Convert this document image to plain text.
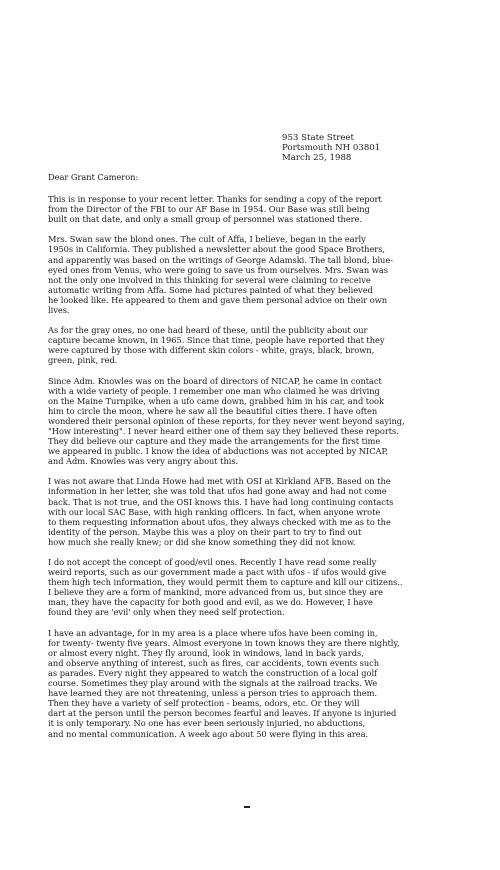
953 State Street
Portsmouth NH 03801
March 25, 1988
Dear Grant Cameron:
This is in response to your recent letter. Thanks for sending a copy of the report
from the Director of the FBI to our AF Base in 1954. Our Base was still being
built on that date, and only a small group of personnel was stationed there.
Mrs. Swan saw the blond ones. The cult of Affa, I believe, began in the early
1950s in California. They published a newsletter about the good Space Brothers,
and apparently was based on the writings of George Adamski. The tall blond, blue-
eyed ones from Venus, who were going to save us from ourselves. Mrs. Swan was
not the only one involved in this thinking for several were claiming to receive
automatic writing from Affa. Some had pictures painted of what they believed
he looked like. He appeared to them and gave them personal advice on their own
lives.
As for the gray ones, no one had heard of these, until the publicity about our
capture became known, in 1965. Since that time, people have reported that they
were captured by those with different skin colors - white, grays, black, brown,
green, pink, red.
Since Adm. Knowles was on the board of directors of NICAP, he came in contact
with a wide variety of people. I remember one man who claimed he was driving
on the Maine Turnpike, when a ufo came down, grabbed him in his car, and took
him to circle the moon, where he saw all the beautiful cities there. I have often
wondered their personal opinion of these reports, for they never went beyond saying,
"How interesting". I never heard either one of them say they believed these reports.
They did believe our capture and they made the arrangements for the first time
we appeared in public. I know the idea of abductions was not accepted by NICAP,
and Adm. Knowles was very angry about this.
I was not aware that Linda Howe had met with OSI at Kirkland AFB. Based on the
information in her letter, she was told that ufos had gone away and had not come
back. That is not true, and the OSI knows this. I have had long continuing contacts
with our local SAC Base, with high ranking officers. In fact, when anyone wrote
to them requesting information about ufos, they always checked with me as to the
identity of the person. Maybe this was a ploy on their part to try to find out
how much she really knew; or did she know something they did not know.
I do not accept the concept of good/evil ones. Recently I have read some really
weird reports, such as our government made a pact with ufos - if ufos would give
them high tech information, they would permit them to capture and kill our citizens..
I believe they are a form of mankind, more advanced from us, but since they are
man, they have the capacity for both good and evil, as we do. However, I have
found they are 'evil' only when they need self protection.
I have an advantage, for in my area is a place where ufos have been coming in,
for twenty- twenty five years. Almost everyone in town knows they are there nightly,
or almost every night. They fly around, look in windows, land in back yards,
and observe anything of interest, such as fires, car accidents, town events such
as parades. Every night they appeared to watch the construction of a local golf
course. Sometimes they play around with the signals at the railroad tracks. We
have learned they are not threatening, unless a person tries to approach them.
Then they have a variety of self protection - beams, odors, etc. Or they will
dart at the person until the person becomes fearful and leaves. If anyone is injuried
it is only temporary. No one has ever been seriously injuried, no abductions,
and no mental communication. A week ago about 50 were flying in this area.
